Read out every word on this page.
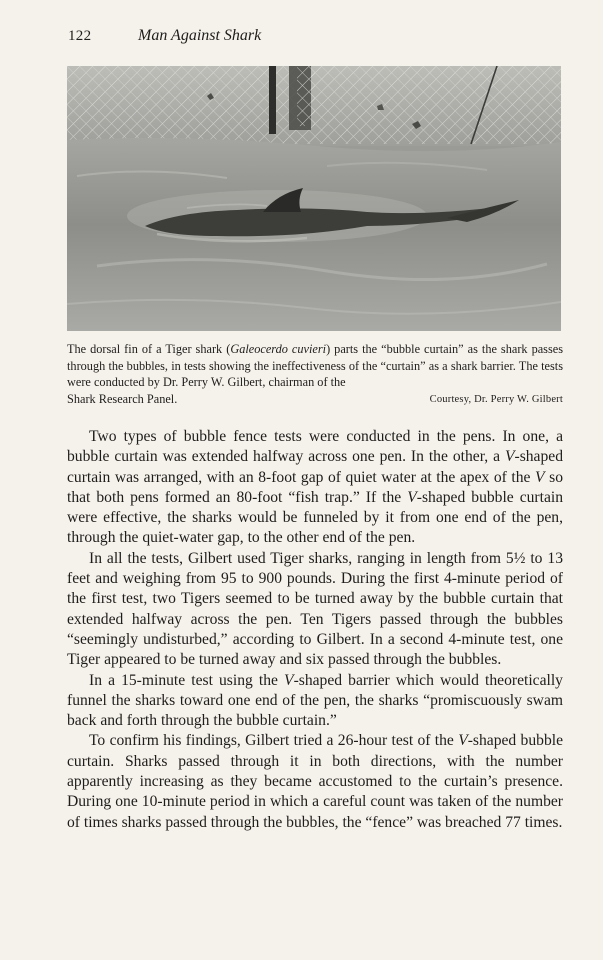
122	Man Against Shark

The dorsal fin of a Tiger shark (Galeocerdo cuvieri) parts the “bubble curtain” as the shark passes through the bubbles, in tests showing the ineffectiveness of the “curtain” as a shark barrier. The tests were conducted by Dr. Perry W. Gilbert, chairman of the

Shark Research Panel.	Courtesy, Dr. Perry W. Gilbert

Two types of bubble fence tests were conducted in the pens. In one, a bubble curtain was extended halfway across one pen. In the other, a V-shaped curtain was arranged, with an 8-foot gap of quiet water at the apex of the V so that both pens formed an 80-foot “fish trap.” If the V-shaped bubble curtain were effective, the sharks would be funneled by it from one end of the pen, through the quiet-water gap, to the other end of the pen.

In all the tests, Gilbert used Tiger sharks, ranging in length from 5½ to 13 feet and weighing from 95 to 900 pounds. During the first 4-minute period of the first test, two Tigers seemed to be turned away by the bubble curtain that extended halfway across the pen. Ten Tigers passed through the bubbles “seemingly undisturbed,” according to Gilbert. In a second 4-minute test, one Tiger appeared to be turned away and six passed through the bubbles.

In a 15-minute test using the V-shaped barrier which would theoretically funnel the sharks toward one end of the pen, the sharks “promiscuously swam back and forth through the bubble curtain.”

To confirm his findings, Gilbert tried a 26-hour test of the V-shaped bubble curtain. Sharks passed through it in both directions, with the number apparently increasing as they became accustomed to the curtain’s presence. During one 10-minute period in which a careful count was taken of the number of times sharks passed through the bubbles, the “fence” was breached 77 times.
